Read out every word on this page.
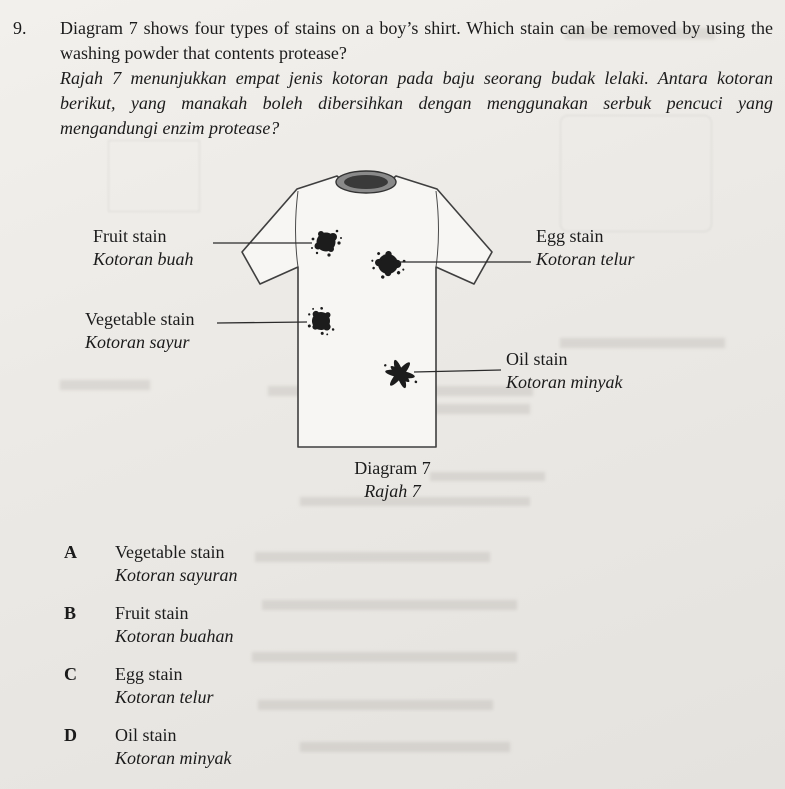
9.	Diagram 7 shows four types of stains on a boy’s shirt. Which stain can be removed by using the washing powder that contents protease?
Rajah 7 menunjukkan empat jenis kotoran pada baju seorang budak lelaki. Antara kotoran berikut, yang manakah boleh dibersihkan dengan menggunakan serbuk pencuci yang mengandungi enzim protease?
Fruit stain
Kotoran buah
Egg stain
Kotoran telur
Vegetable stain
Kotoran sayur
Oil stain
Kotoran minyak
Diagram 7
Rajah 7
A	Vegetable stain
Kotoran sayuran
B	Fruit stain
Kotoran buahan
C	Egg stain
Kotoran telur
D	Oil stain
Kotoran minyak
